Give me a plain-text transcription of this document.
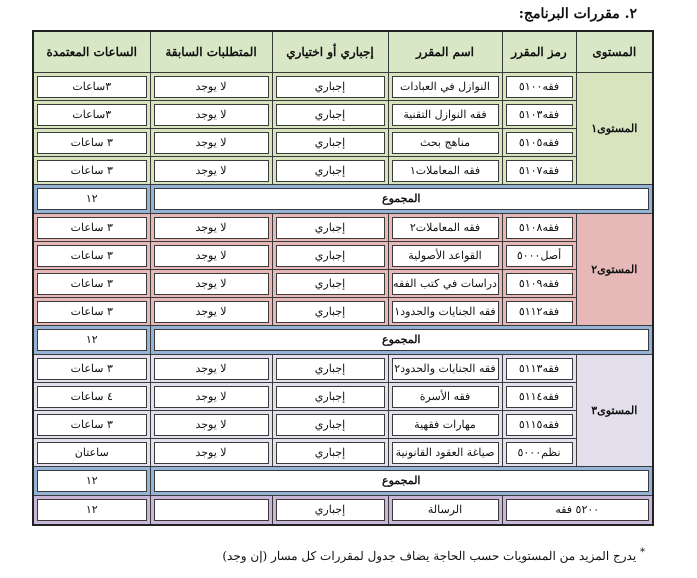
٢. مقررات البرنامج:
المستوى	رمز المقرر	اسم المقرر	إجباري أو اختياري	المتطلبات السابقة	الساعات المعتمدة
المستوى١	فقه٥١٠٠	النوازل في العبادات	إجباري	لا يوجد	٣ساعات

	فقه٥١٠٣	فقه النوازل التقنية	إجباري	لا يوجد	٣ساعات

	فقه٥١٠٥	مناهج بحث	إجباري	لا يوجد	٣ ساعات

	فقه٥١٠٧	فقه المعاملات١	إجباري	لا يوجد	٣ ساعات

المجموع					١٢

المستوى٢	فقه٥١٠٨	فقه المعاملات٢	إجباري	لا يوجد	٣ ساعات

	أصل٥٠٠٠	القواعد الأصولية	إجباري	لا يوجد	٣ ساعات

	فقه٥١٠٩	دراسات في كتب الفقه	إجباري	لا يوجد	٣ ساعات

	فقه٥١١٢	فقه الجنايات والحدود١	إجباري	لا يوجد	٣ ساعات

المجموع					١٢

المستوى٣	فقه٥١١٣	فقه الجنايات والحدود٢	إجباري	لا يوجد	٣ ساعات

	فقه٥١١٤	فقه الأسرة	إجباري	لا يوجد	٤ ساعات

	فقه٥١١٥	مهارات فقهية	إجباري	لا يوجد	٣ ساعات

	نظم٥٠٠٠	صياغة العقود القانونية	إجباري	لا يوجد	ساعتان

المجموع					١٢

٥٢٠٠ فقه		الرسالة	إجباري		١٢
* يدرج المزيد من المستويات حسب الحاجة يضاف جدول لمقررات كل مسار (إن وجد)
